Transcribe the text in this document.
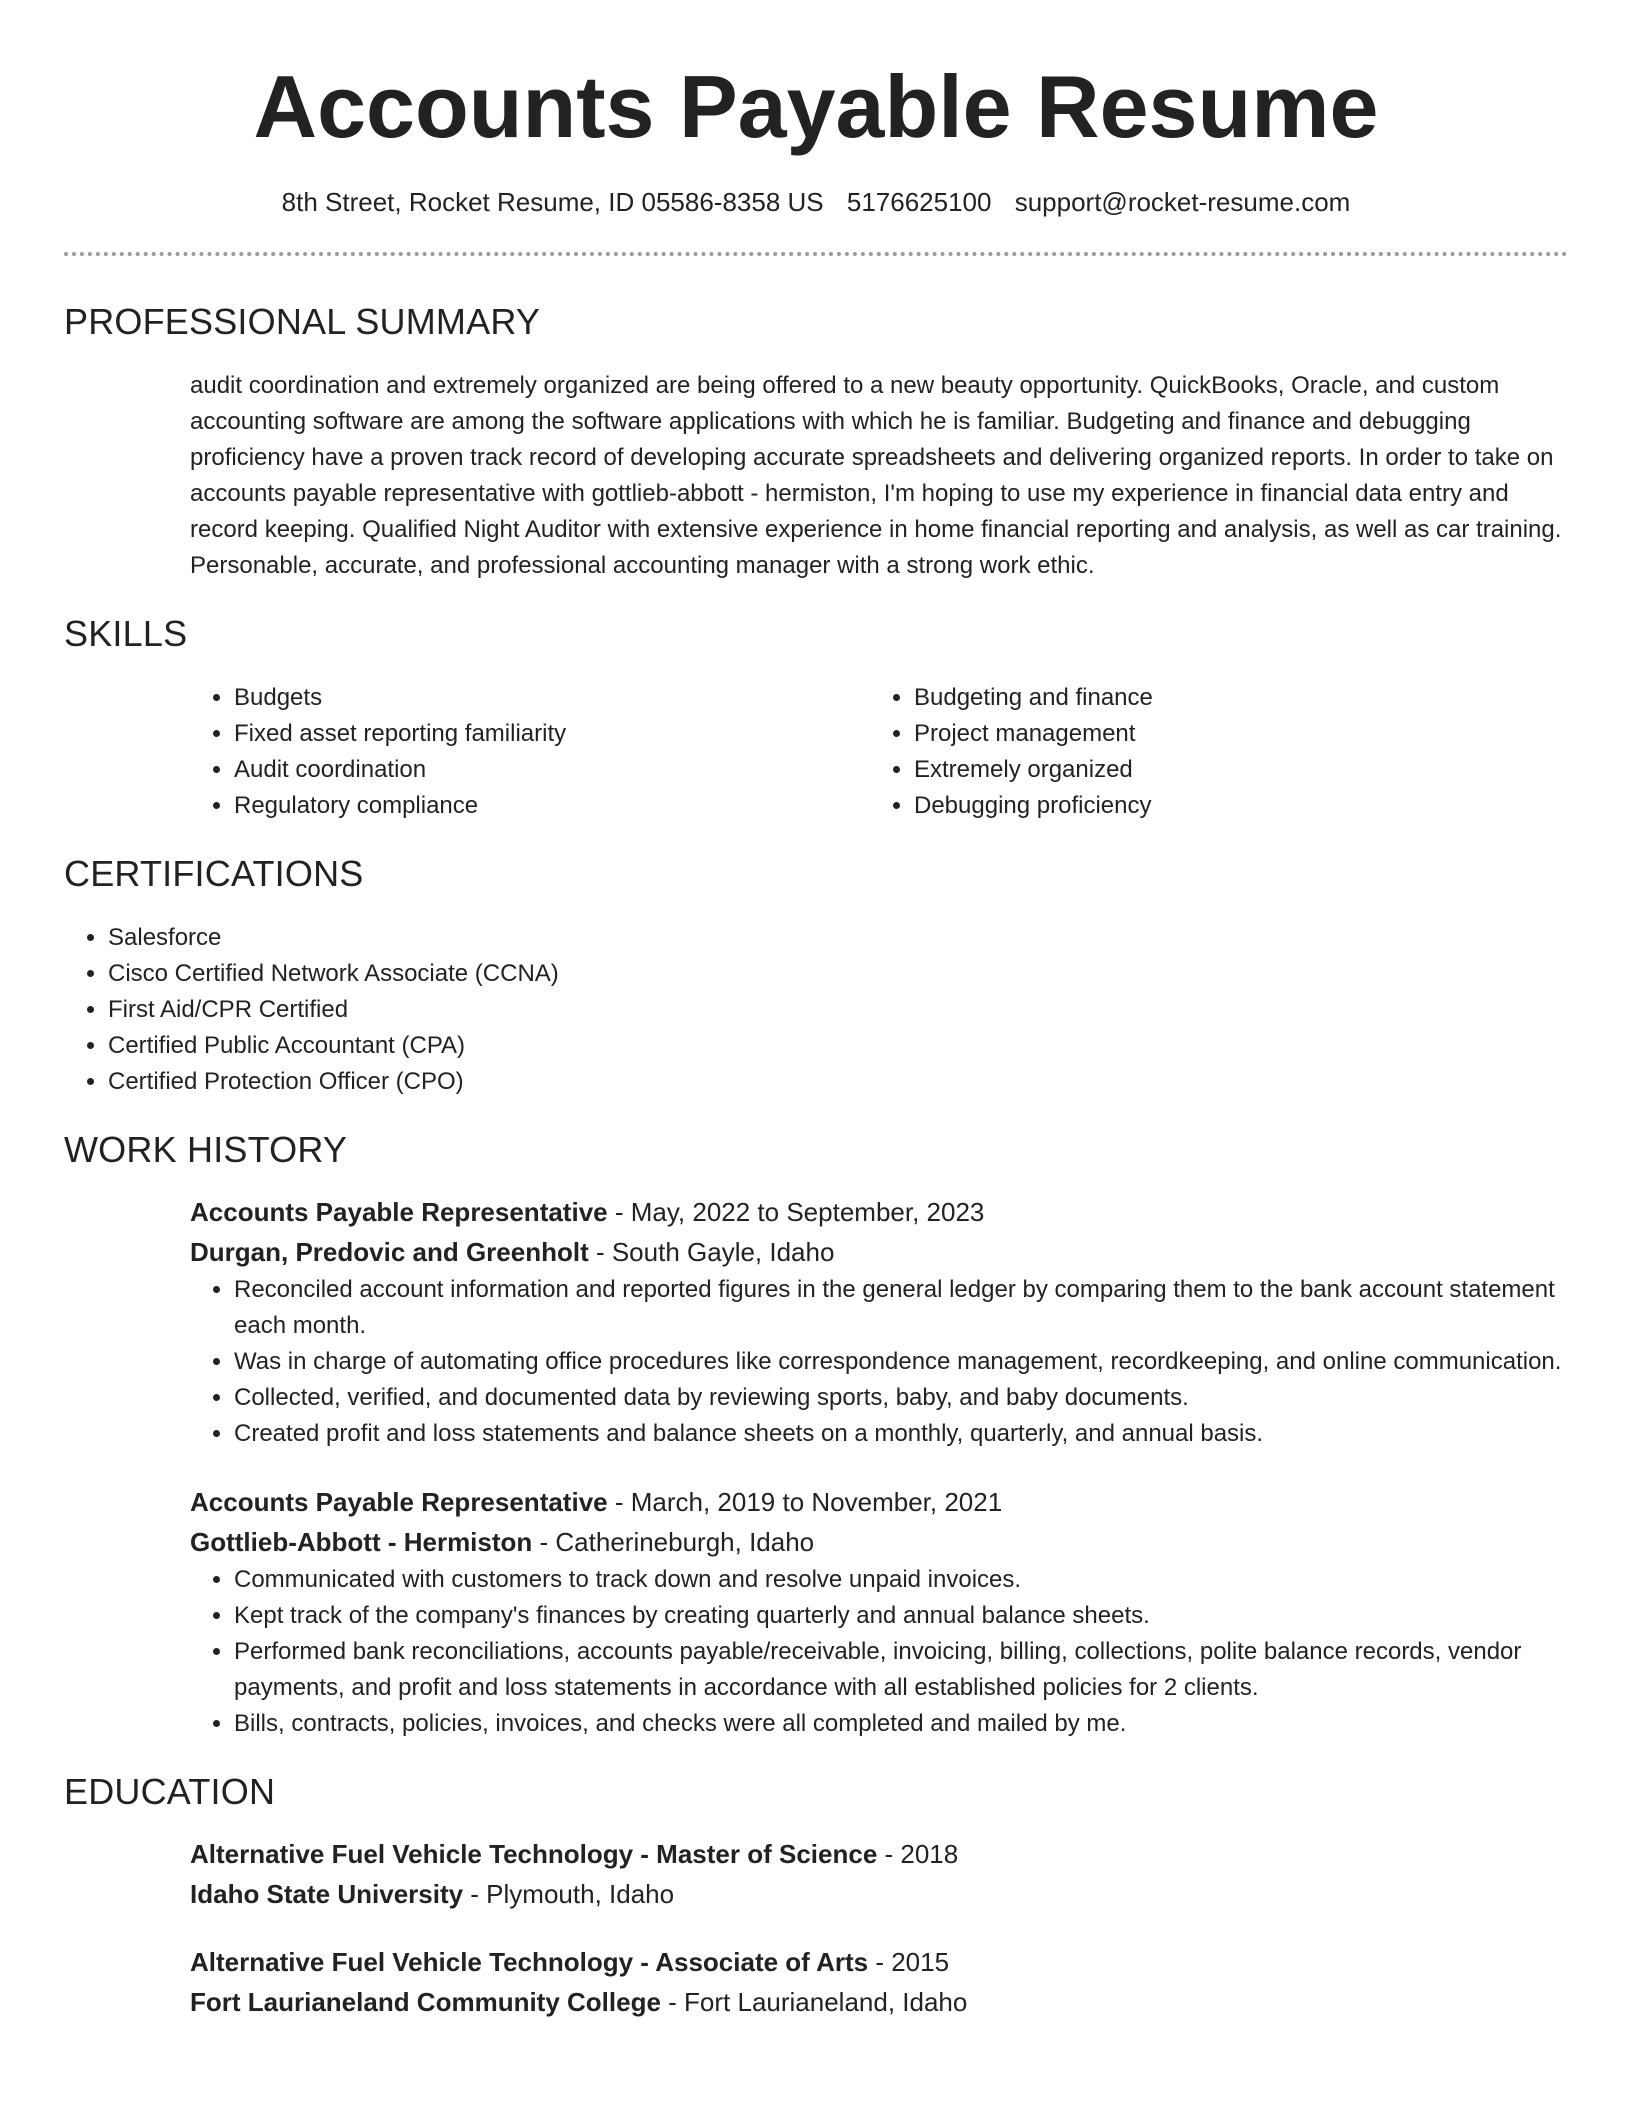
Accounts Payable Resume
8th Street, Rocket Resume, ID 05586-8358 US 5176625100 support@rocket-resume.com
PROFESSIONAL SUMMARY

audit coordination and extremely organized are being offered to a new beauty opportunity. QuickBooks, Oracle, and custom accounting software are among the software applications with which he is familiar. Budgeting and finance and debugging proficiency have a proven track record of developing accurate spreadsheets and delivering organized reports. In order to take on accounts payable representative with gottlieb-abbott - hermiston, I'm hoping to use my experience in financial data entry and record keeping. Qualified Night Auditor with extensive experience in home financial reporting and analysis, as well as car training. Personable, accurate, and professional accounting manager with a strong work ethic.

SKILLS
• Budgets
• Fixed asset reporting familiarity
• Audit coordination
• Regulatory compliance
• Budgeting and finance
• Project management
• Extremely organized
• Debugging proficiency
CERTIFICATIONS
• Salesforce
• Cisco Certified Network Associate (CCNA)
• First Aid/CPR Certified
• Certified Public Accountant (CPA)
• Certified Protection Officer (CPO)
WORK HISTORY
Accounts Payable Representative - May, 2022 to September, 2023
Durgan, Predovic and Greenholt - South Gayle, Idaho
• Reconciled account information and reported figures in the general ledger by comparing them to the bank account statement each month.
• Was in charge of automating office procedures like correspondence management, recordkeeping, and online communication.
• Collected, verified, and documented data by reviewing sports, baby, and baby documents.
• Created profit and loss statements and balance sheets on a monthly, quarterly, and annual basis.
Accounts Payable Representative - March, 2019 to November, 2021
Gottlieb-Abbott - Hermiston - Catherineburgh, Idaho
• Communicated with customers to track down and resolve unpaid invoices.
• Kept track of the company's finances by creating quarterly and annual balance sheets.
• Performed bank reconciliations, accounts payable/receivable, invoicing, billing, collections, polite balance records, vendor payments, and profit and loss statements in accordance with all established policies for 2 clients.
• Bills, contracts, policies, invoices, and checks were all completed and mailed by me.
EDUCATION
Alternative Fuel Vehicle Technology - Master of Science - 2018
Idaho State University - Plymouth, Idaho
Alternative Fuel Vehicle Technology - Associate of Arts - 2015
Fort Laurianeland Community College - Fort Laurianeland, Idaho
